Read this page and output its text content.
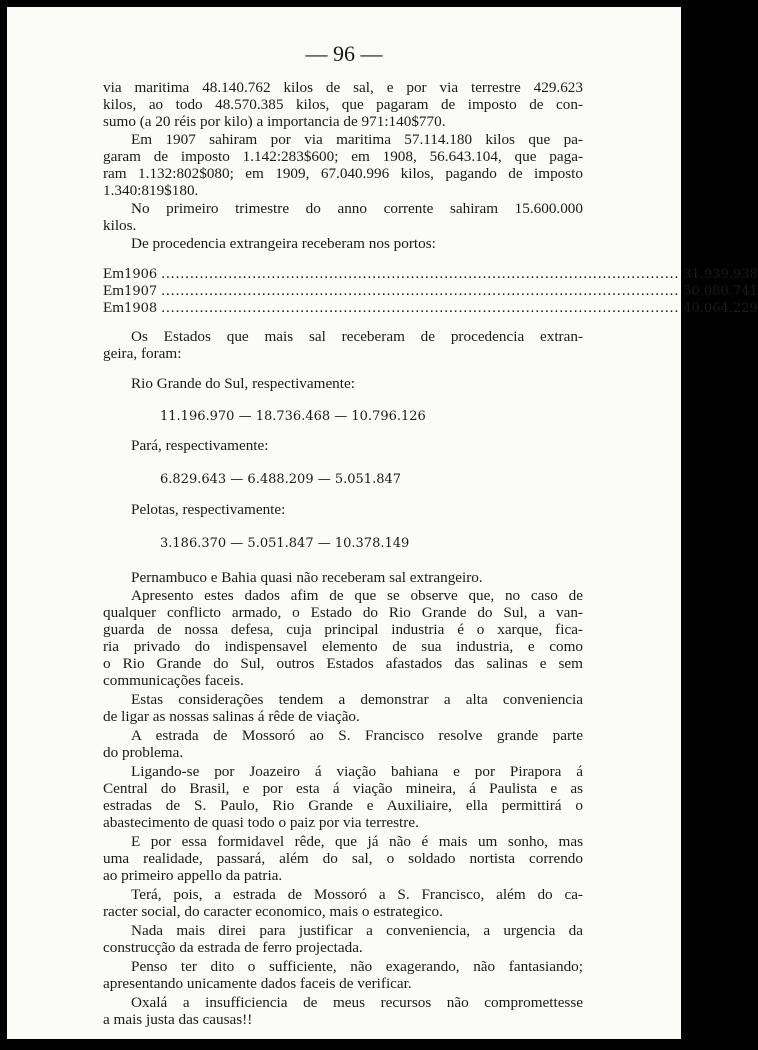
— 96 —
via maritima 48.140.762 kilos de sal, e por via terrestre 429.623
kilos, ao todo 48.570.385 kilos, que pagaram de imposto de con-
sumo (a 20 réis por kilo) a importancia de 971:140$770.
Em 1907 sahiram por via maritima 57.114.180 kilos que pa-
garam de imposto 1.142:283$600; em 1908, 56.643.104, que paga-
ram 1.132:802$080; em 1909, 67.040.996 kilos, pagando de imposto
1.340:819$180.
No primeiro trimestre do anno corrente sahiram 15.600.000
kilos.
De procedencia extrangeira receberam nos portos:
Em 1906 ............................................................................................................ 31.939.938
Em 1907 ............................................................................................................ 50.080.741
Em 1908 ............................................................................................................ 40.064.229
Os Estados que mais sal receberam de procedencia extran-
geira, foram:
Rio Grande do Sul, respectivamente:
11.196.970 — 18.736.468 — 10.796.126
Pará, respectivamente:
6.829.643 — 6.488.209 — 5.051.847
Pelotas, respectivamente:
3.186.370 — 5.051.847 — 10.378.149
Pernambuco e Bahia quasi não receberam sal extrangeiro.
Apresento estes dados afim de que se observe que, no caso de
qualquer conflicto armado, o Estado do Rio Grande do Sul, a van-
guarda de nossa defesa, cuja principal industria é o xarque, fica-
ria privado do indispensavel elemento de sua industria, e como
o Rio Grande do Sul, outros Estados afastados das salinas e sem
communicações faceis.
Estas considerações tendem a demonstrar a alta conveniencia
de ligar as nossas salinas á rêde de viação.
A estrada de Mossoró ao S. Francisco resolve grande parte
do problema.
Ligando-se por Joazeiro á viação bahiana e por Pirapora á
Central do Brasil, e por esta á viação mineira, á Paulista e as
estradas de S. Paulo, Rio Grande e Auxiliaire, ella permittirá o
abastecimento de quasi todo o paiz por via terrestre.
E por essa formidavel rêde, que já não é mais um sonho, mas
uma realidade, passará, além do sal, o soldado nortista correndo
ao primeiro appello da patria.
Terá, pois, a estrada de Mossoró a S. Francisco, além do ca-
racter social, do caracter economico, mais o estrategico.
Nada mais direi para justificar a conveniencia, a urgencia da
construcção da estrada de ferro projectada.
Penso ter dito o sufficiente, não exagerando, não fantasiando;
apresentando unicamente dados faceis de verificar.
Oxalá a insufficiencia de meus recursos não compromettesse
a mais justa das causas!!
